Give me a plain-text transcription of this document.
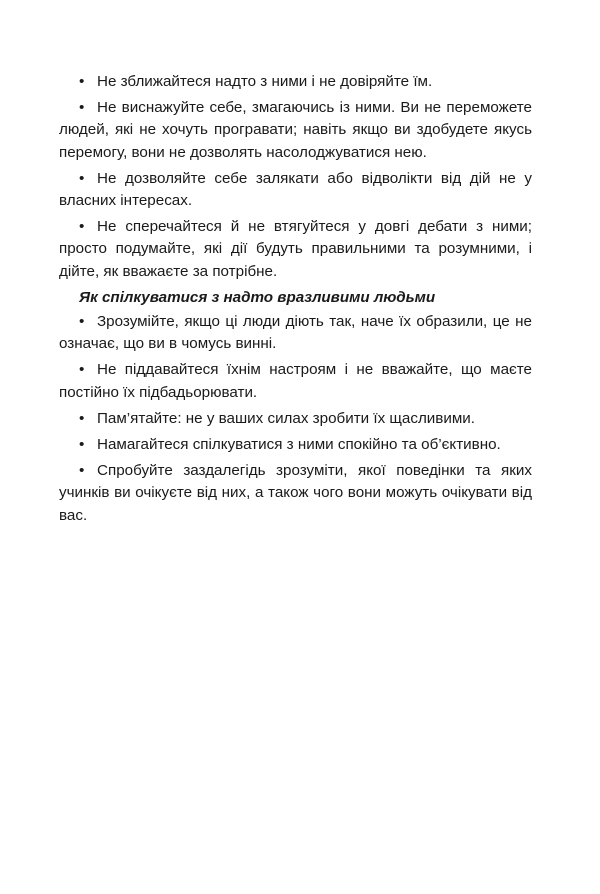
• Не зближайтеся надто з ними і не довіряйте їм.

• Не виснажуйте себе, змагаючись із ними. Ви не переможете людей, які не хочуть програвати; навіть якщо ви здобудете якусь перемогу, вони не дозволять насолоджуватися нею.

• Не дозволяйте себе залякати або відволікти від дій не у власних інтересах.

• Не сперечайтеся й не втягуйтеся у довгі дебати з ними; просто подумайте, які дії будуть правильними та розумними, і дійте, як вважаєте за потрібне.

Як спілкуватися з надто вразливими людьми

• Зрозумійте, якщо ці люди діють так, наче їх образили, це не означає, що ви в чомусь винні.

• Не піддавайтеся їхнім настроям і не вважайте, що маєте постійно їх підбадьорювати.

• Пам’ятайте: не у ваших силах зробити їх щасливими.

• Намагайтеся спілкуватися з ними спокійно та об’єктивно.

• Спробуйте заздалегідь зрозуміти, якої поведінки та яких учинків ви очікуєте від них, а також чого вони можуть очікувати від вас.
